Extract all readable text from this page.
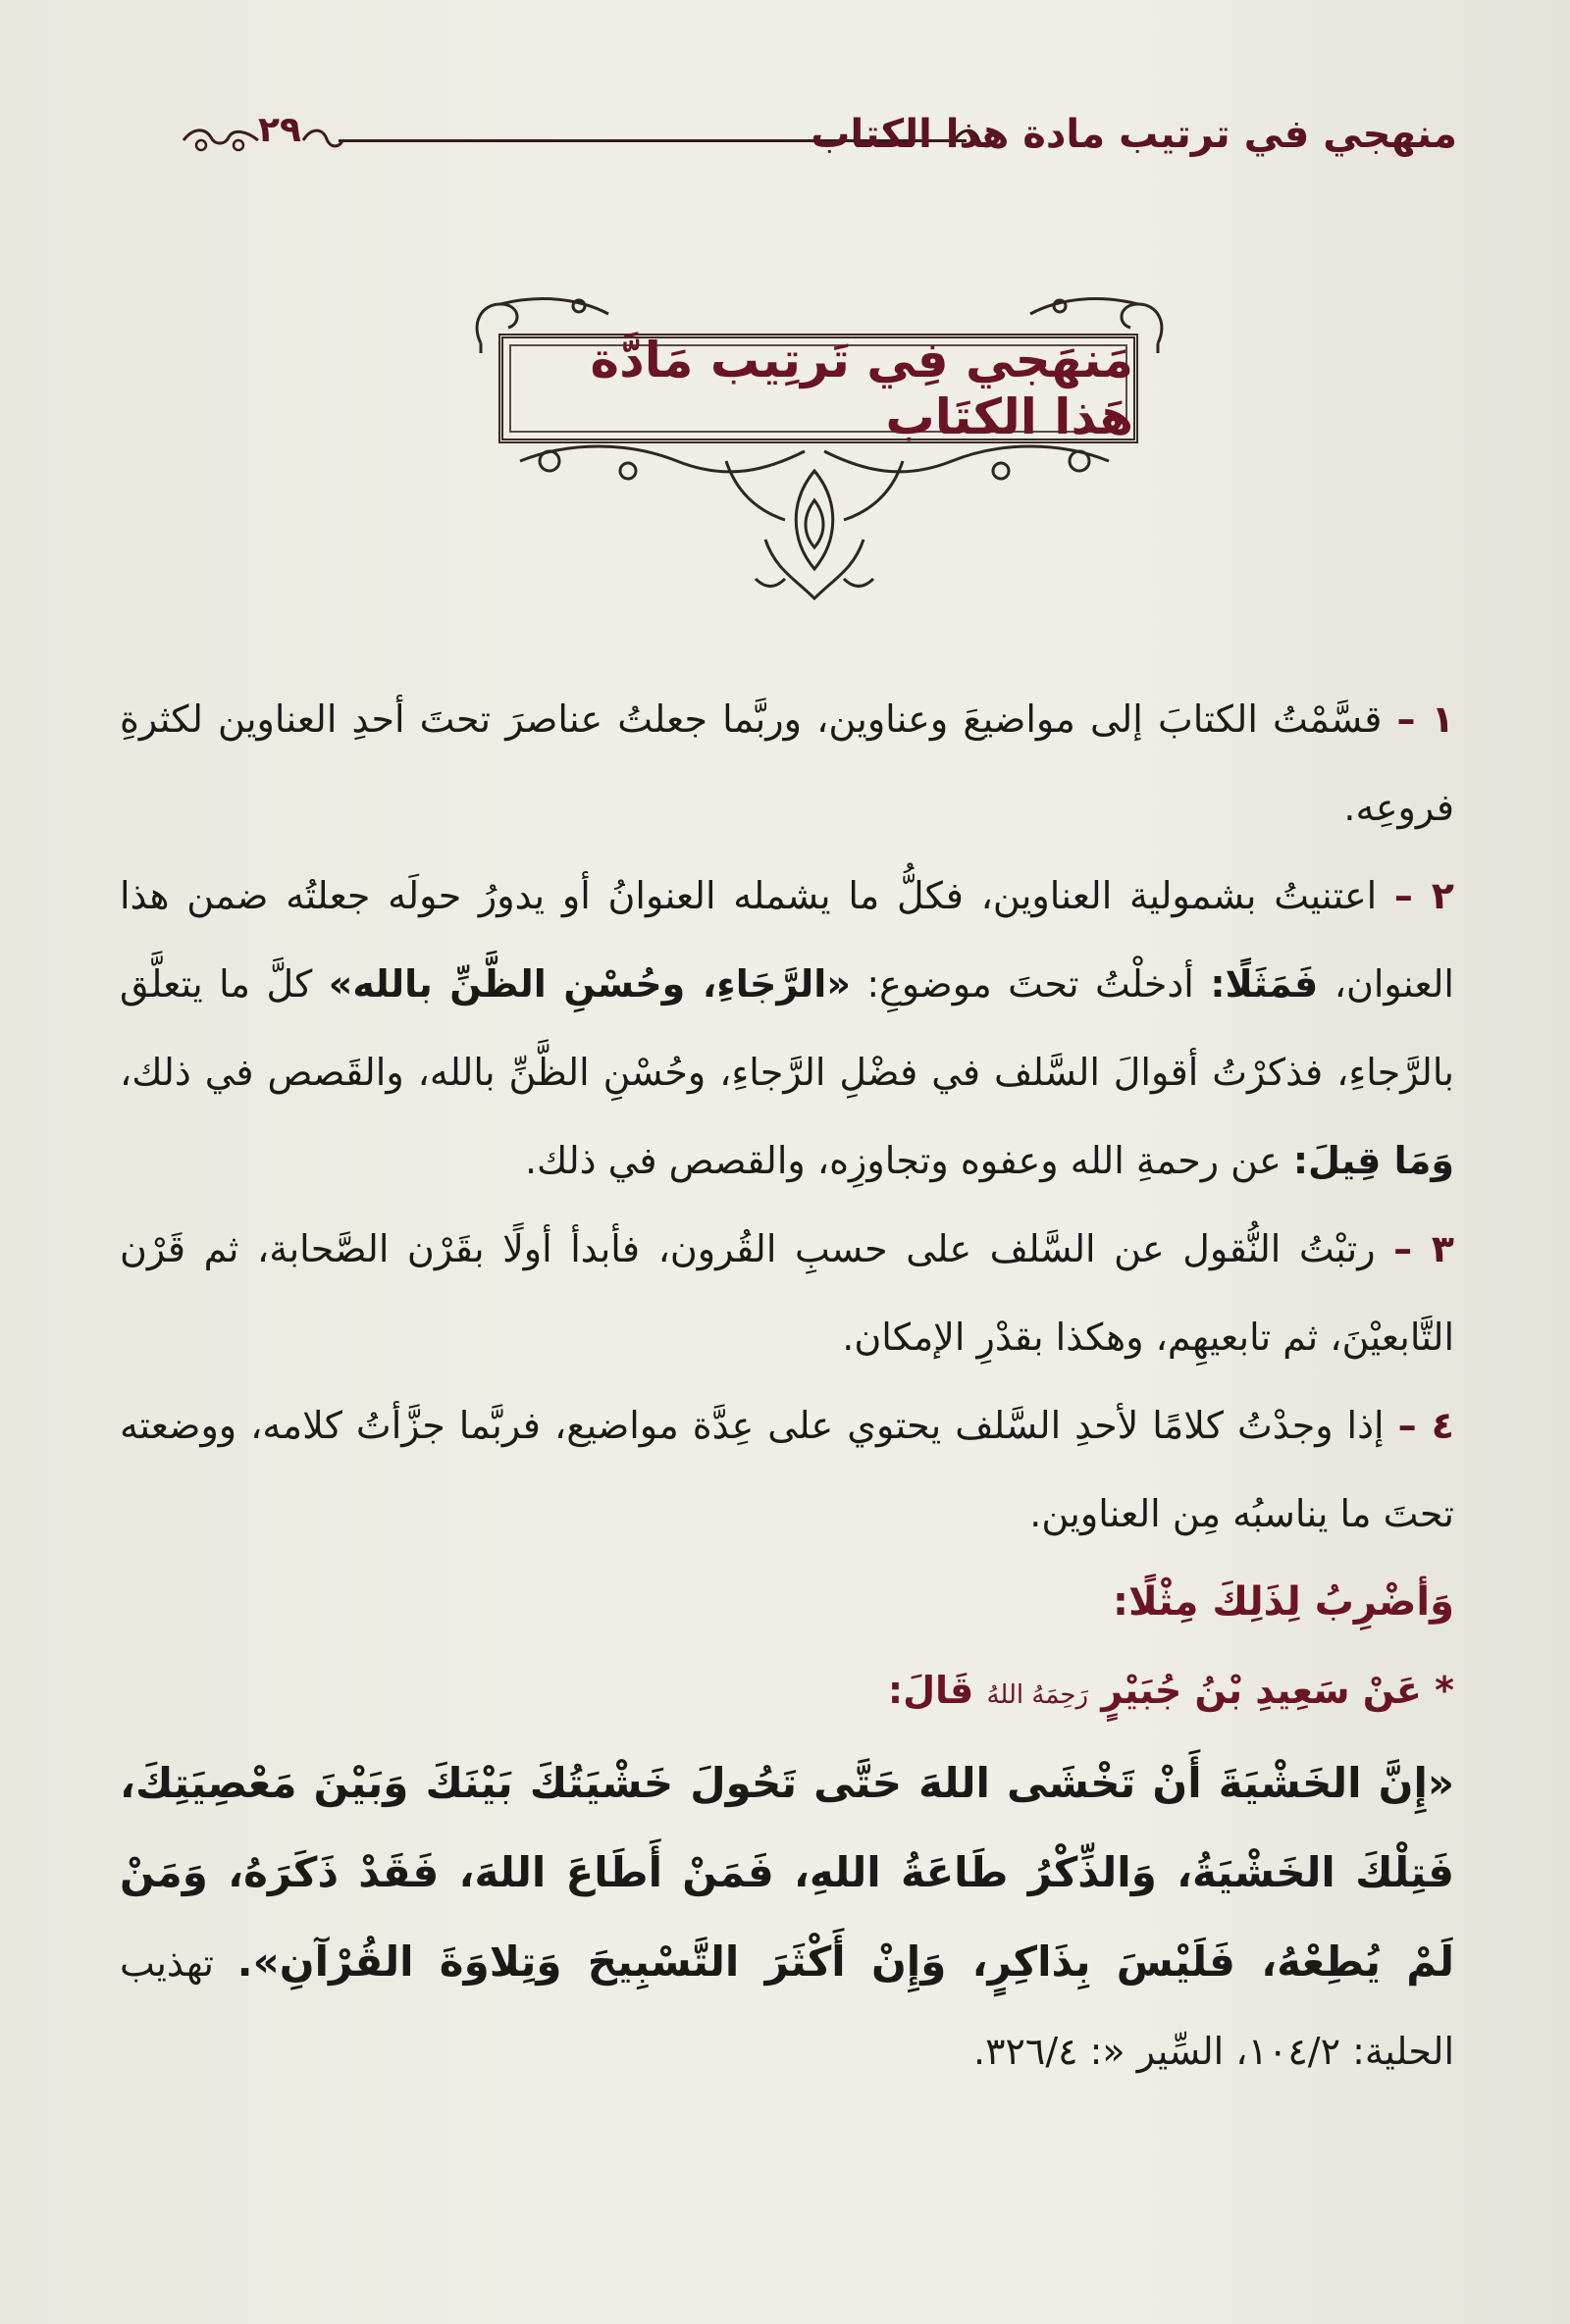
٢٩	منهجي في ترتيب مادة هذا الكتاب
مَنهَجي فِي تَرتِيب مَادَّة هَذا الكتَاب

١ – قسَّمْتُ الكتابَ إلى مواضيعَ وعناوين، وربَّما جعلتُ عناصرَ تحتَ أحدِ العناوين لكثرةِ فروعِه.

٢ – اعتنيتُ بشمولية العناوين، فكلُّ ما يشمله العنوانُ أو يدورُ حولَه جعلتُه ضمن هذا العنوان، فَمَثَلًا: أدخلْتُ تحتَ موضوعِ: «الرَّجَاءِ، وحُسْنِ الظَّنِّ بالله» كلَّ ما يتعلَّق بالرَّجاءِ، فذكرْتُ أقوالَ السَّلف في فضْلِ الرَّجاءِ، وحُسْنِ الظَّنِّ بالله، والقَصص في ذلك، وَمَا قِيلَ: عن رحمةِ الله وعفوه وتجاوزِه، والقصص في ذلك.

٣ – رتبْتُ النُّقول عن السَّلف على حسبِ القُرون، فأبدأ أولًا بقَرْن الصَّحابة، ثم قَرْن التَّابعيْنَ، ثم تابعيهِم، وهكذا بقدْرِ الإمكان.

٤ – إذا وجدْتُ كلامًا لأحدِ السَّلف يحتوي على عِدَّة مواضيع، فربَّما جزَّأتُ كلامه، ووضعته تحتَ ما يناسبُه مِن العناوين.

وَأضْرِبُ لِذَلِكَ مِثْلًا:

* عَنْ سَعِيدِ بْنُ جُبَيْرٍ رَحِمَهُ اللهُ قَالَ:

«إِنَّ الخَشْيَةَ أَنْ تَخْشَى اللهَ حَتَّى تَحُولَ خَشْيَتُكَ بَيْنَكَ وَبَيْنَ مَعْصِيَتِكَ، فَتِلْكَ الخَشْيَةُ، وَالذِّكْرُ طَاعَةُ اللهِ، فَمَنْ أَطَاعَ اللهَ، فَقَدْ ذَكَرَهُ، وَمَنْ لَمْ يُطِعْهُ، فَلَيْسَ بِذَاكِرٍ، وَإِنْ أَكْثَرَ التَّسْبِيحَ وَتِلاوَةَ القُرْآنِ». تهذيب الحلية: ١٠٤/٢، السِّير «: ٣٢٦/٤.
